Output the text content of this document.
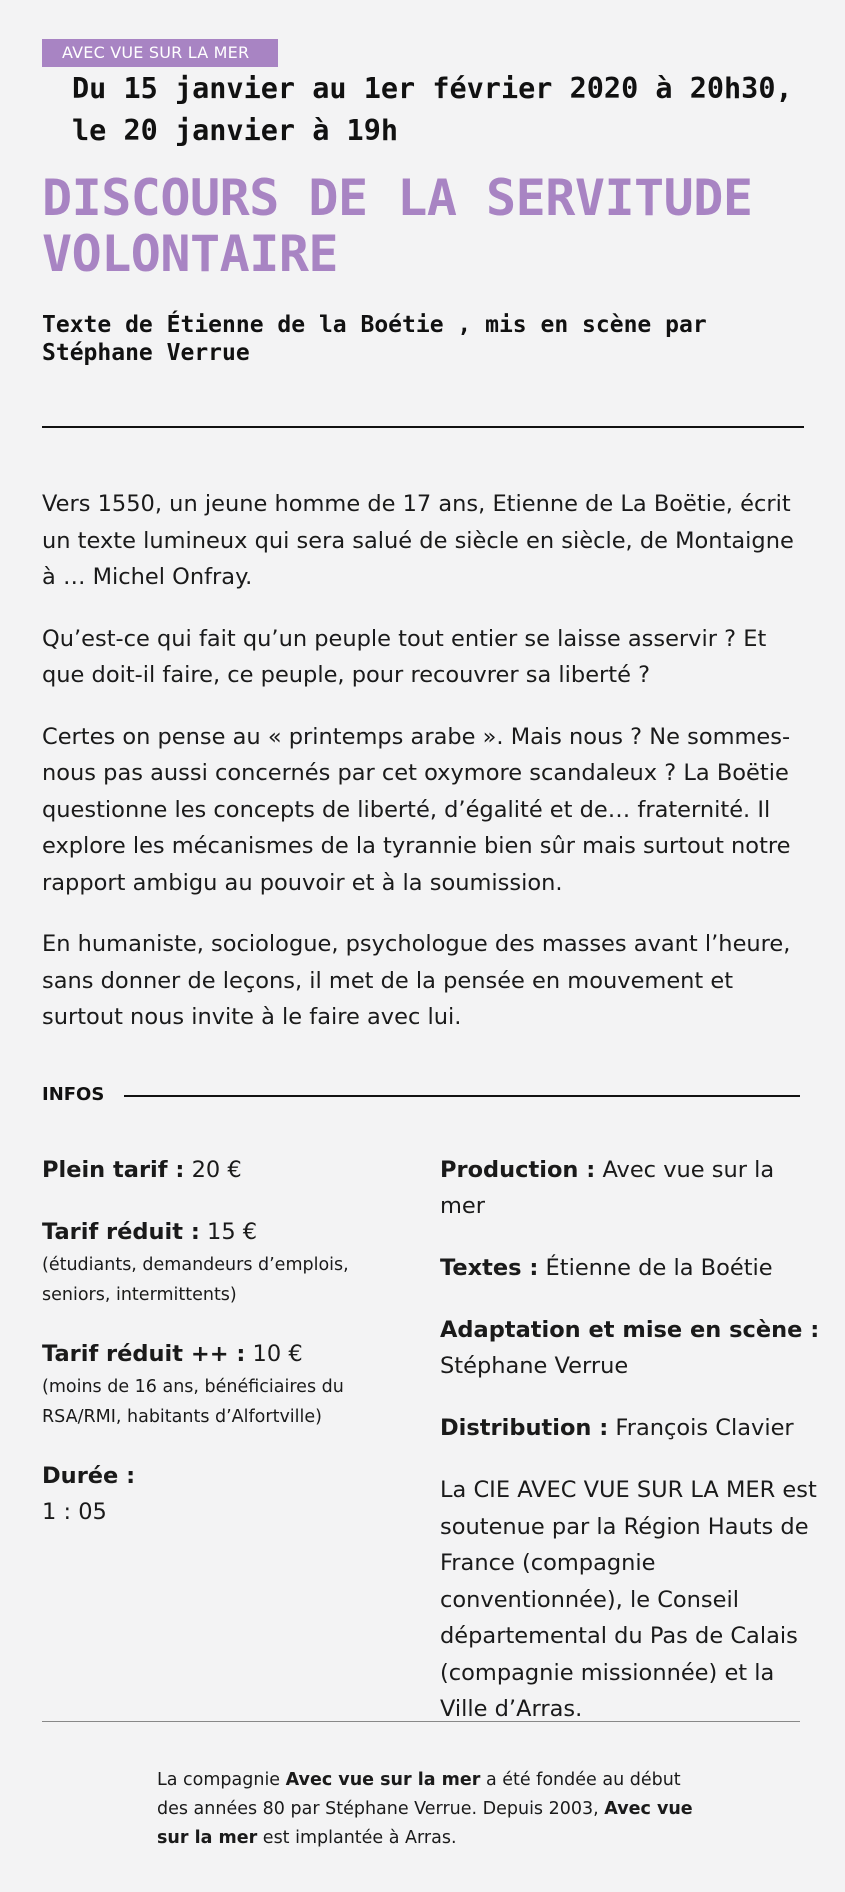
AVEC VUE SUR LA MER
Du 15 janvier au 1er février 2020 à 20h30,
le 20 janvier à 19h
DISCOURS DE LA SERVITUDE
VOLONTAIRE
Texte de Étienne de la Boétie , mis en scène par
Stéphane Verrue

Vers 1550, un jeune homme de 17 ans, Etienne de La Boëtie, écrit un texte lumineux qui sera salué de siècle en siècle, de Montaigne à … Michel Onfray.

Qu’est-ce qui fait qu’un peuple tout entier se laisse asservir ? Et que doit-il faire, ce peuple, pour recouvrer sa liberté ?

Certes on pense au « printemps arabe ». Mais nous ? Ne sommes-nous pas aussi concernés par cet oxymore scandaleux ? La Boëtie questionne les concepts de liberté, d’égalité et de… fraternité. Il explore les mécanismes de la tyrannie bien sûr mais surtout notre rapport ambigu au pouvoir et à la soumission.

En humaniste, sociologue, psychologue des masses avant l’heure, sans donner de leçons, il met de la pensée en mouvement et surtout nous invite à le faire avec lui.

INFOS
Plein tarif : 20 €
Tarif réduit : 15 €
(étudiants, demandeurs d’emplois, seniors, intermittents)
Tarif réduit ++ : 10 €
(moins de 16 ans, bénéficiaires du RSA/RMI, habitants d’Alfortville)
Durée :
1 : 05
Production : Avec vue sur la mer
Textes : Étienne de la Boétie
Adaptation et mise en scène :
Stéphane Verrue
Distribution : François Clavier
La CIE AVEC VUE SUR LA MER est soutenue par la Région Hauts de France (compagnie conventionnée), le Conseil départemental du Pas de Calais (compagnie missionnée) et la Ville d’Arras.
La compagnie Avec vue sur la mer a été fondée au début des années 80 par Stéphane Verrue. Depuis 2003, Avec vue sur la mer est implantée à Arras.
